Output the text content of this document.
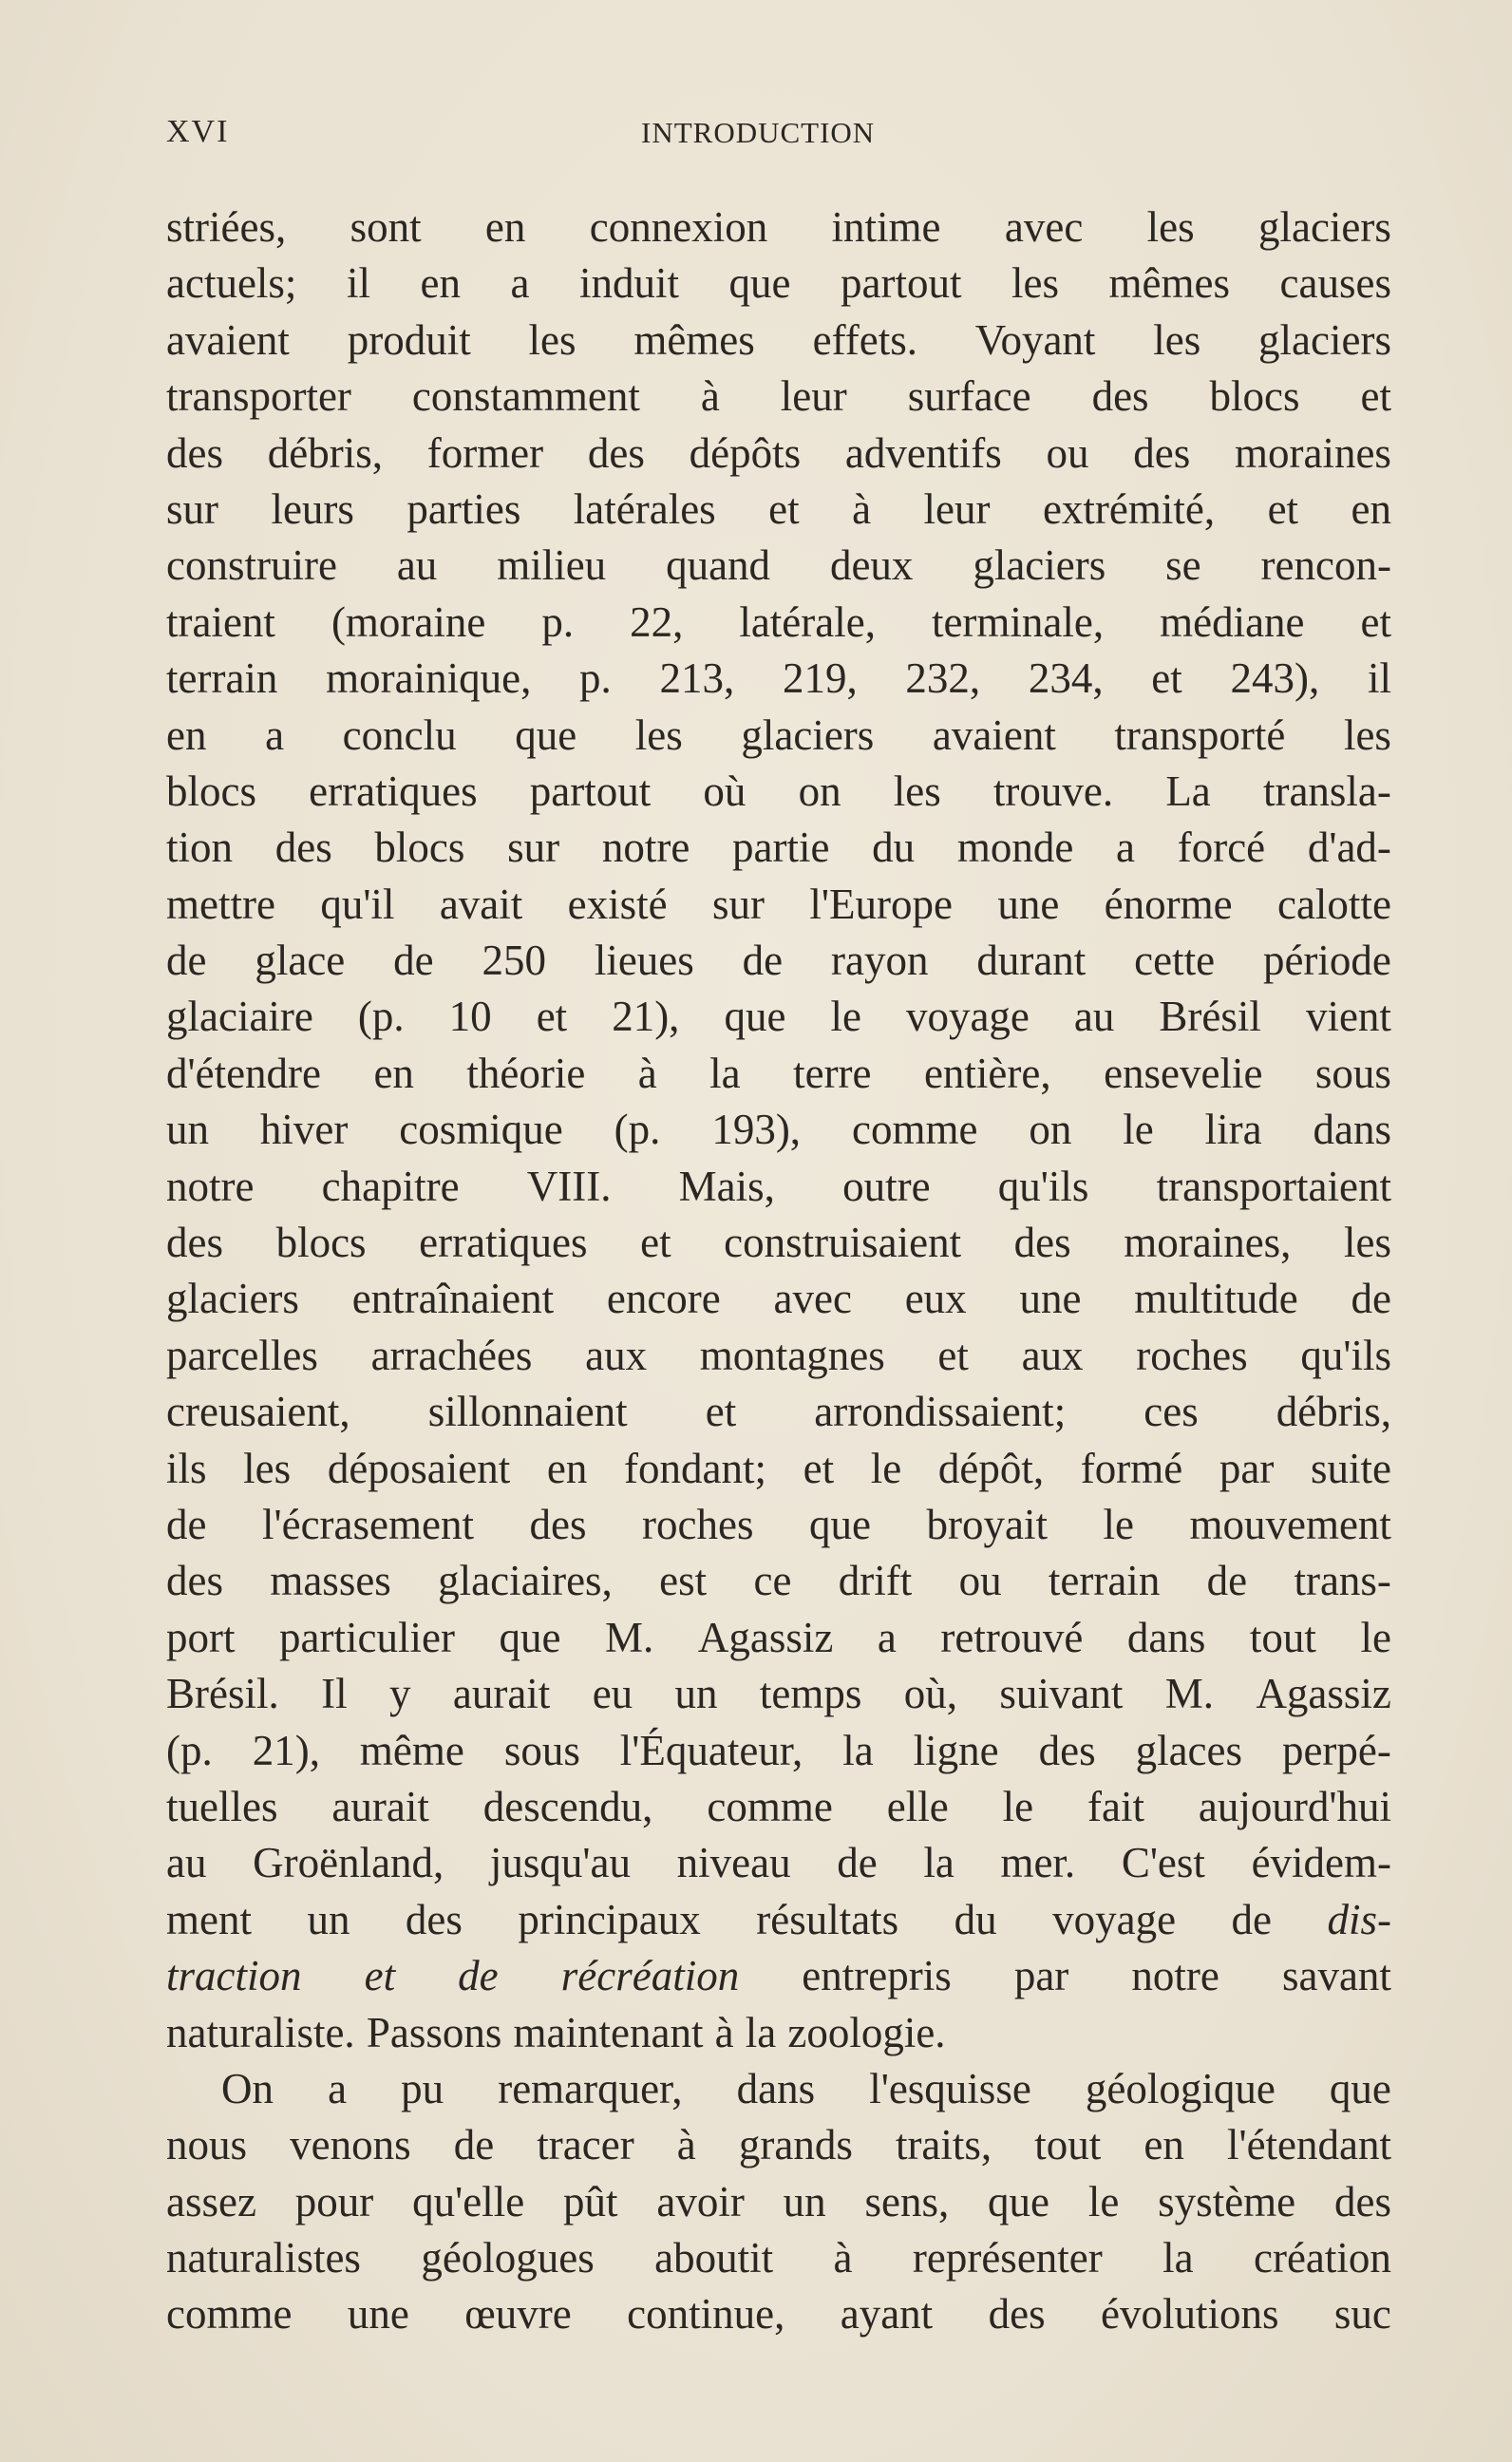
XVI	INTRODUCTION
striées, sont en connexion intime avec les glaciers
actuels; il en a induit que partout les mêmes causes
avaient produit les mêmes effets. Voyant les glaciers
transporter constamment à leur surface des blocs et
des débris, former des dépôts adventifs ou des moraines
sur leurs parties latérales et à leur extrémité, et en
construire au milieu quand deux glaciers se rencon-
traient (moraine p. 22, latérale, terminale, médiane et
terrain morainique, p. 213, 219, 232, 234, et 243), il
en a conclu que les glaciers avaient transporté les
blocs erratiques partout où on les trouve. La transla-
tion des blocs sur notre partie du monde a forcé d'ad-
mettre qu'il avait existé sur l'Europe une énorme calotte
de glace de 250 lieues de rayon durant cette période
glaciaire (p. 10 et 21), que le voyage au Brésil vient
d'étendre en théorie à la terre entière, ensevelie sous
un hiver cosmique (p. 193), comme on le lira dans
notre chapitre VIII. Mais, outre qu'ils transportaient
des blocs erratiques et construisaient des moraines, les
glaciers entraînaient encore avec eux une multitude de
parcelles arrachées aux montagnes et aux roches qu'ils
creusaient, sillonnaient et arrondissaient; ces débris,
ils les déposaient en fondant; et le dépôt, formé par suite
de l'écrasement des roches que broyait le mouvement
des masses glaciaires, est ce drift ou terrain de trans-
port particulier que M. Agassiz a retrouvé dans tout le
Brésil. Il y aurait eu un temps où, suivant M. Agassiz
(p. 21), même sous l'Équateur, la ligne des glaces perpé-
tuelles aurait descendu, comme elle le fait aujourd'hui
au Groënland, jusqu'au niveau de la mer. C'est évidem-
ment un des principaux résultats du voyage de dis-
traction et de récréation entrepris par notre savant
naturaliste. Passons maintenant à la zoologie.
On a pu remarquer, dans l'esquisse géologique que
nous venons de tracer à grands traits, tout en l'étendant
assez pour qu'elle pût avoir un sens, que le système des
naturalistes géologues aboutit à représenter la création
comme une œuvre continue, ayant des évolutions suc
